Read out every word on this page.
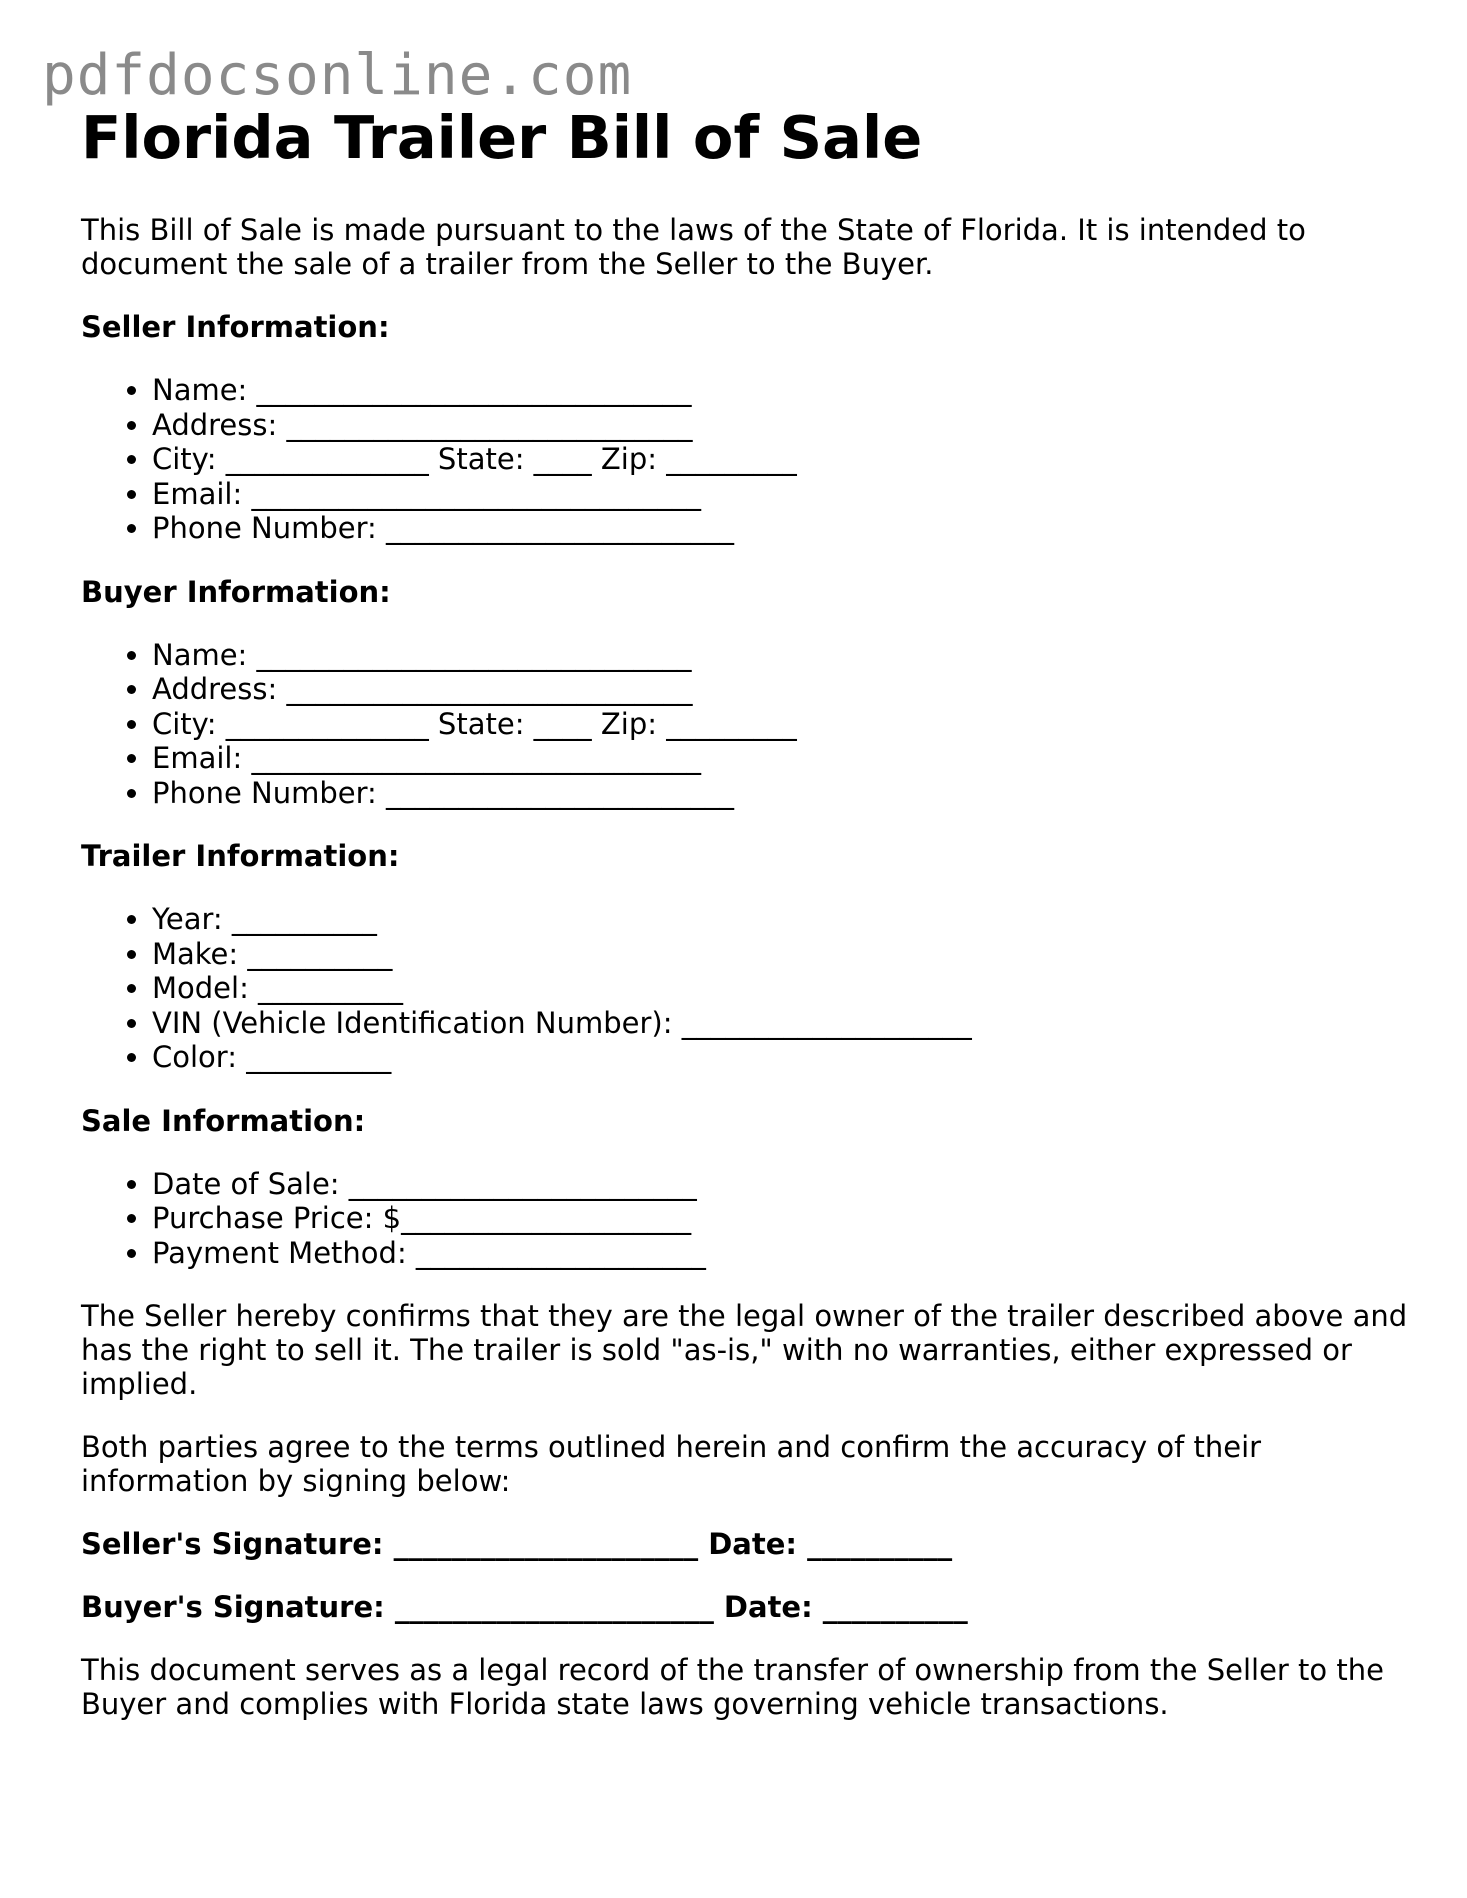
pdfdocsonline.com
Florida Trailer Bill of Sale

This Bill of Sale is made pursuant to the laws of the State of Florida. It is intended to document the sale of a trailer from the Seller to the Buyer.

Seller Information:

• Name: ______________________________
• Address: ____________________________
• City: ______________ State: ____ Zip: _________
• Email: _______________________________
• Phone Number: ________________________

Buyer Information:

• Name: ______________________________
• Address: ____________________________
• City: ______________ State: ____ Zip: _________
• Email: _______________________________
• Phone Number: ________________________

Trailer Information:

• Year: __________
• Make: __________
• Model: __________
• VIN (Vehicle Identification Number): ____________________
• Color: __________

Sale Information:

• Date of Sale: ________________________
• Purchase Price: $____________________
• Payment Method: ____________________

The Seller hereby confirms that they are the legal owner of the trailer described above and has the right to sell it. The trailer is sold "as-is," with no warranties, either expressed or implied.

Both parties agree to the terms outlined herein and confirm the accuracy of their information by signing below:

Seller's Signature: _____________________ Date: __________

Buyer's Signature: ______________________ Date: __________

This document serves as a legal record of the transfer of ownership from the Seller to the Buyer and complies with Florida state laws governing vehicle transactions.
